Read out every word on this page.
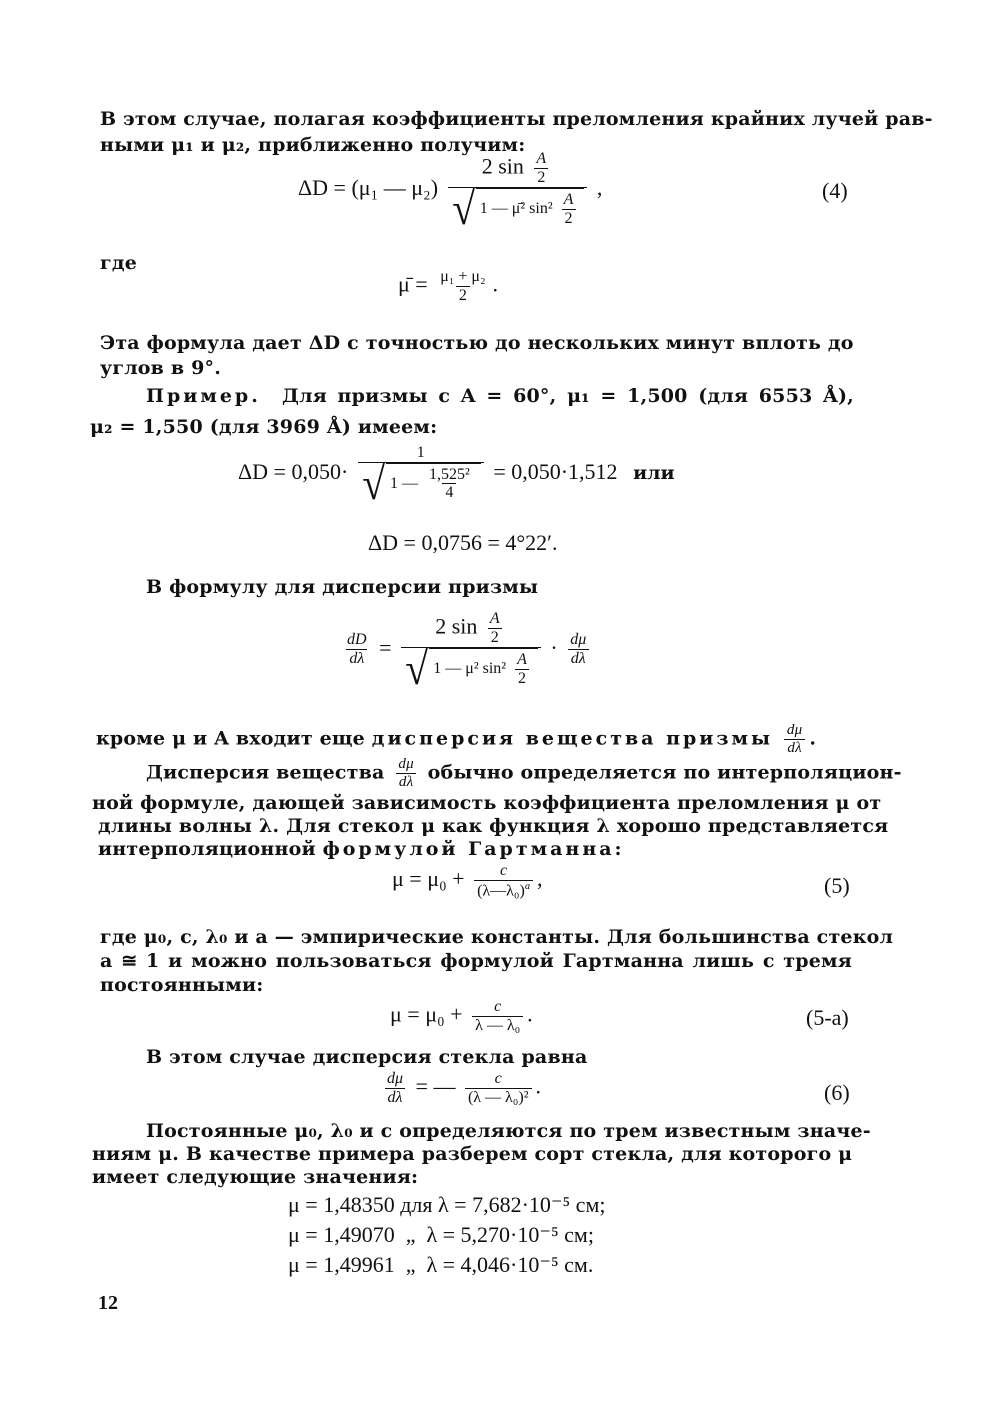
В этом случае, полагая коэффициенты преломления крайних лучей рав-
ными μ₁ и μ₂, приближенно получим:
ΔD = (μ₁ — $\mu_2) \frac{2 \sin \frac{A}{2}}{√ 1 — \mū^2 \sin^2 \frac{A}{2}}$ ,	(4)
где
μ̄ = $\frac{\text{μ₁ + μ₂}}{2}$ .
Эта формула дает ΔD с точностью до нескольких минут вплоть до
углов в 9°.
Пример. Для призмы с A = 60°, μ₁ = 1,500 (для 6553 Å),
μ₂ = 1,550 (для 3969 Å) имеем:
$\Delta D = 0,050\cdot \frac{1}{√ 1 — \frac{\text{1,525²}}{4}} = 0,050\cdot 1,512$ или
ΔD = 0,0756 = 4°22′.
В формулу для дисперсии призмы
$\frac{dD}{d\lambda} = \frac{2 \sin \frac{A}{2}}{√ 1 — \mu^2 \sin^2 \frac{A}{2}} \cdot \frac{d\mu}{d\lambda}$
кроме μ и A входит еще дисперсия вещества призмы $\frac{d\mu}{d\lambda}$ .
Дисперсия вещества $\frac{d\mu}{d\lambda}$ обычно определяется по интерполяцион-
ной формуле, дающей зависимость коэффициента преломления μ от
длины волны λ. Для стекол μ как функция λ хорошо представляется
интерполяционной формулой Гартманна:
$\mu = \mu_0 + \frac{c}{(\lambda—\lambda_0)^a}$ ,	(5)
где μ₀, c, λ₀ и a — эмпирические константы. Для большинства стекол
a ≅ 1 и можно пользоваться формулой Гартманна лишь с тремя
постоянными:
$\mu = \mu_0 + \frac{c}{\text{λ — λ₀}}$ .	(5-a)
В этом случае дисперсия стекла равна
$\frac{d\mu}{d\lambda}$ = — $\frac{c}{\text{(λ — λ₀)²}}$ .	(6)
Постоянные μ₀, λ₀ и c определяются по трем известным значе-
ниям μ. В качестве примера разберем сорт стекла, для которого μ
имеет следующие значения:
μ = 1,48350 для λ = 7,682·10⁻⁵ см;
μ = 1,49070  „  λ = 5,270·10⁻⁵ см;
μ = 1,49961  „  λ = 4,046·10⁻⁵ см.
12
